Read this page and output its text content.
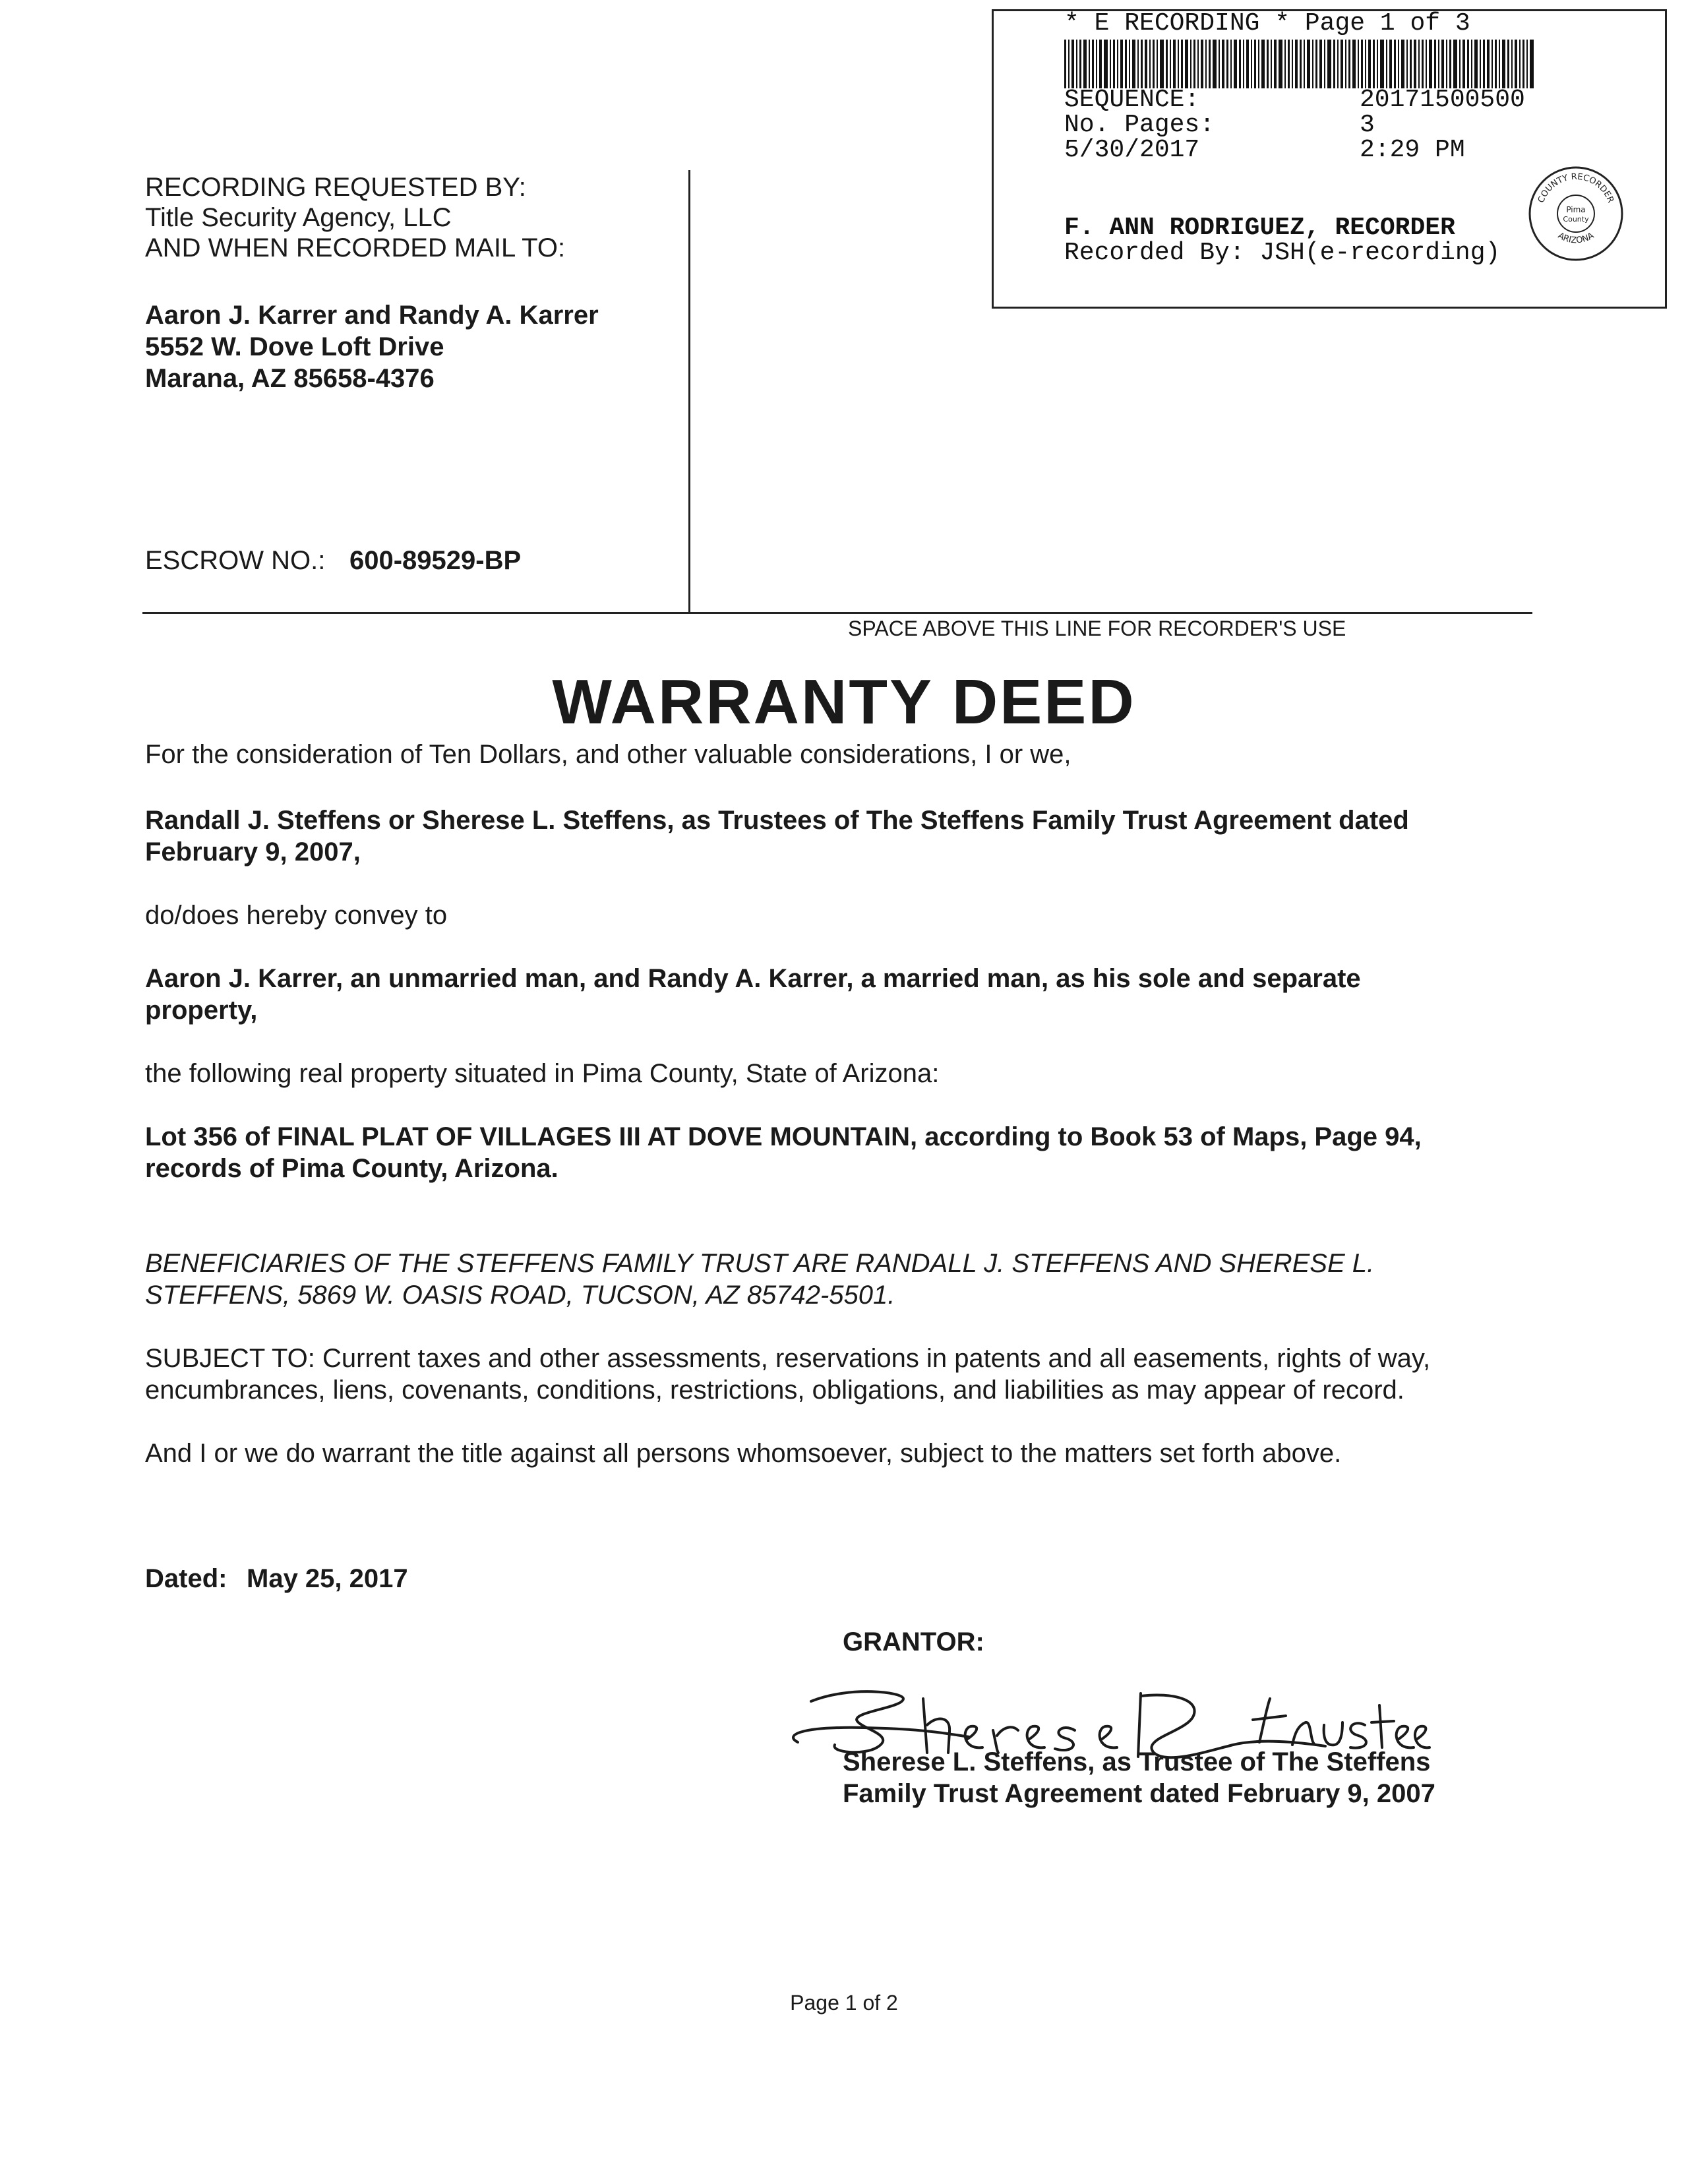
* E RECORDING * Page 1 of 3
SEQUENCE:	20171500500
No. Pages:	3
5/30/2017	2:29 PM
F. ANN RODRIGUEZ, RECORDER
Recorded By: JSH(e-recording)
COUNTY RECORDER
ARIZONA
Pima
County
RECORDING REQUESTED BY:
Title Security Agency, LLC
AND WHEN RECORDED MAIL TO:
Aaron J. Karrer and Randy A. Karrer
5552 W. Dove Loft Drive
Marana, AZ 85658-4376
ESCROW NO.: 600-89529-BP
SPACE ABOVE THIS LINE FOR RECORDER'S USE
WARRANTY DEED
For the consideration of Ten Dollars, and other valuable considerations, I or we,
Randall J. Steffens or Sherese L. Steffens, as Trustees of The Steffens Family Trust Agreement dated
February 9, 2007,
do/does hereby convey to
Aaron J. Karrer, an unmarried man, and Randy A. Karrer, a married man, as his sole and separate
property,
the following real property situated in Pima County, State of Arizona:
Lot 356 of FINAL PLAT OF VILLAGES III AT DOVE MOUNTAIN, according to Book 53 of Maps, Page 94,
records of Pima County, Arizona.
BENEFICIARIES OF THE STEFFENS FAMILY TRUST ARE RANDALL J. STEFFENS AND SHERESE L.
STEFFENS, 5869 W. OASIS ROAD, TUCSON, AZ 85742-5501.
SUBJECT TO: Current taxes and other assessments, reservations in patents and all easements, rights of way,
encumbrances, liens, covenants, conditions, restrictions, obligations, and liabilities as may appear of record.
And I or we do warrant the title against all persons whomsoever, subject to the matters set forth above.
Dated: May 25, 2017
GRANTOR:
Sherese L. Steffens, as Trustee of The Steffens
Family Trust Agreement dated February 9, 2007
Page 1 of 2
